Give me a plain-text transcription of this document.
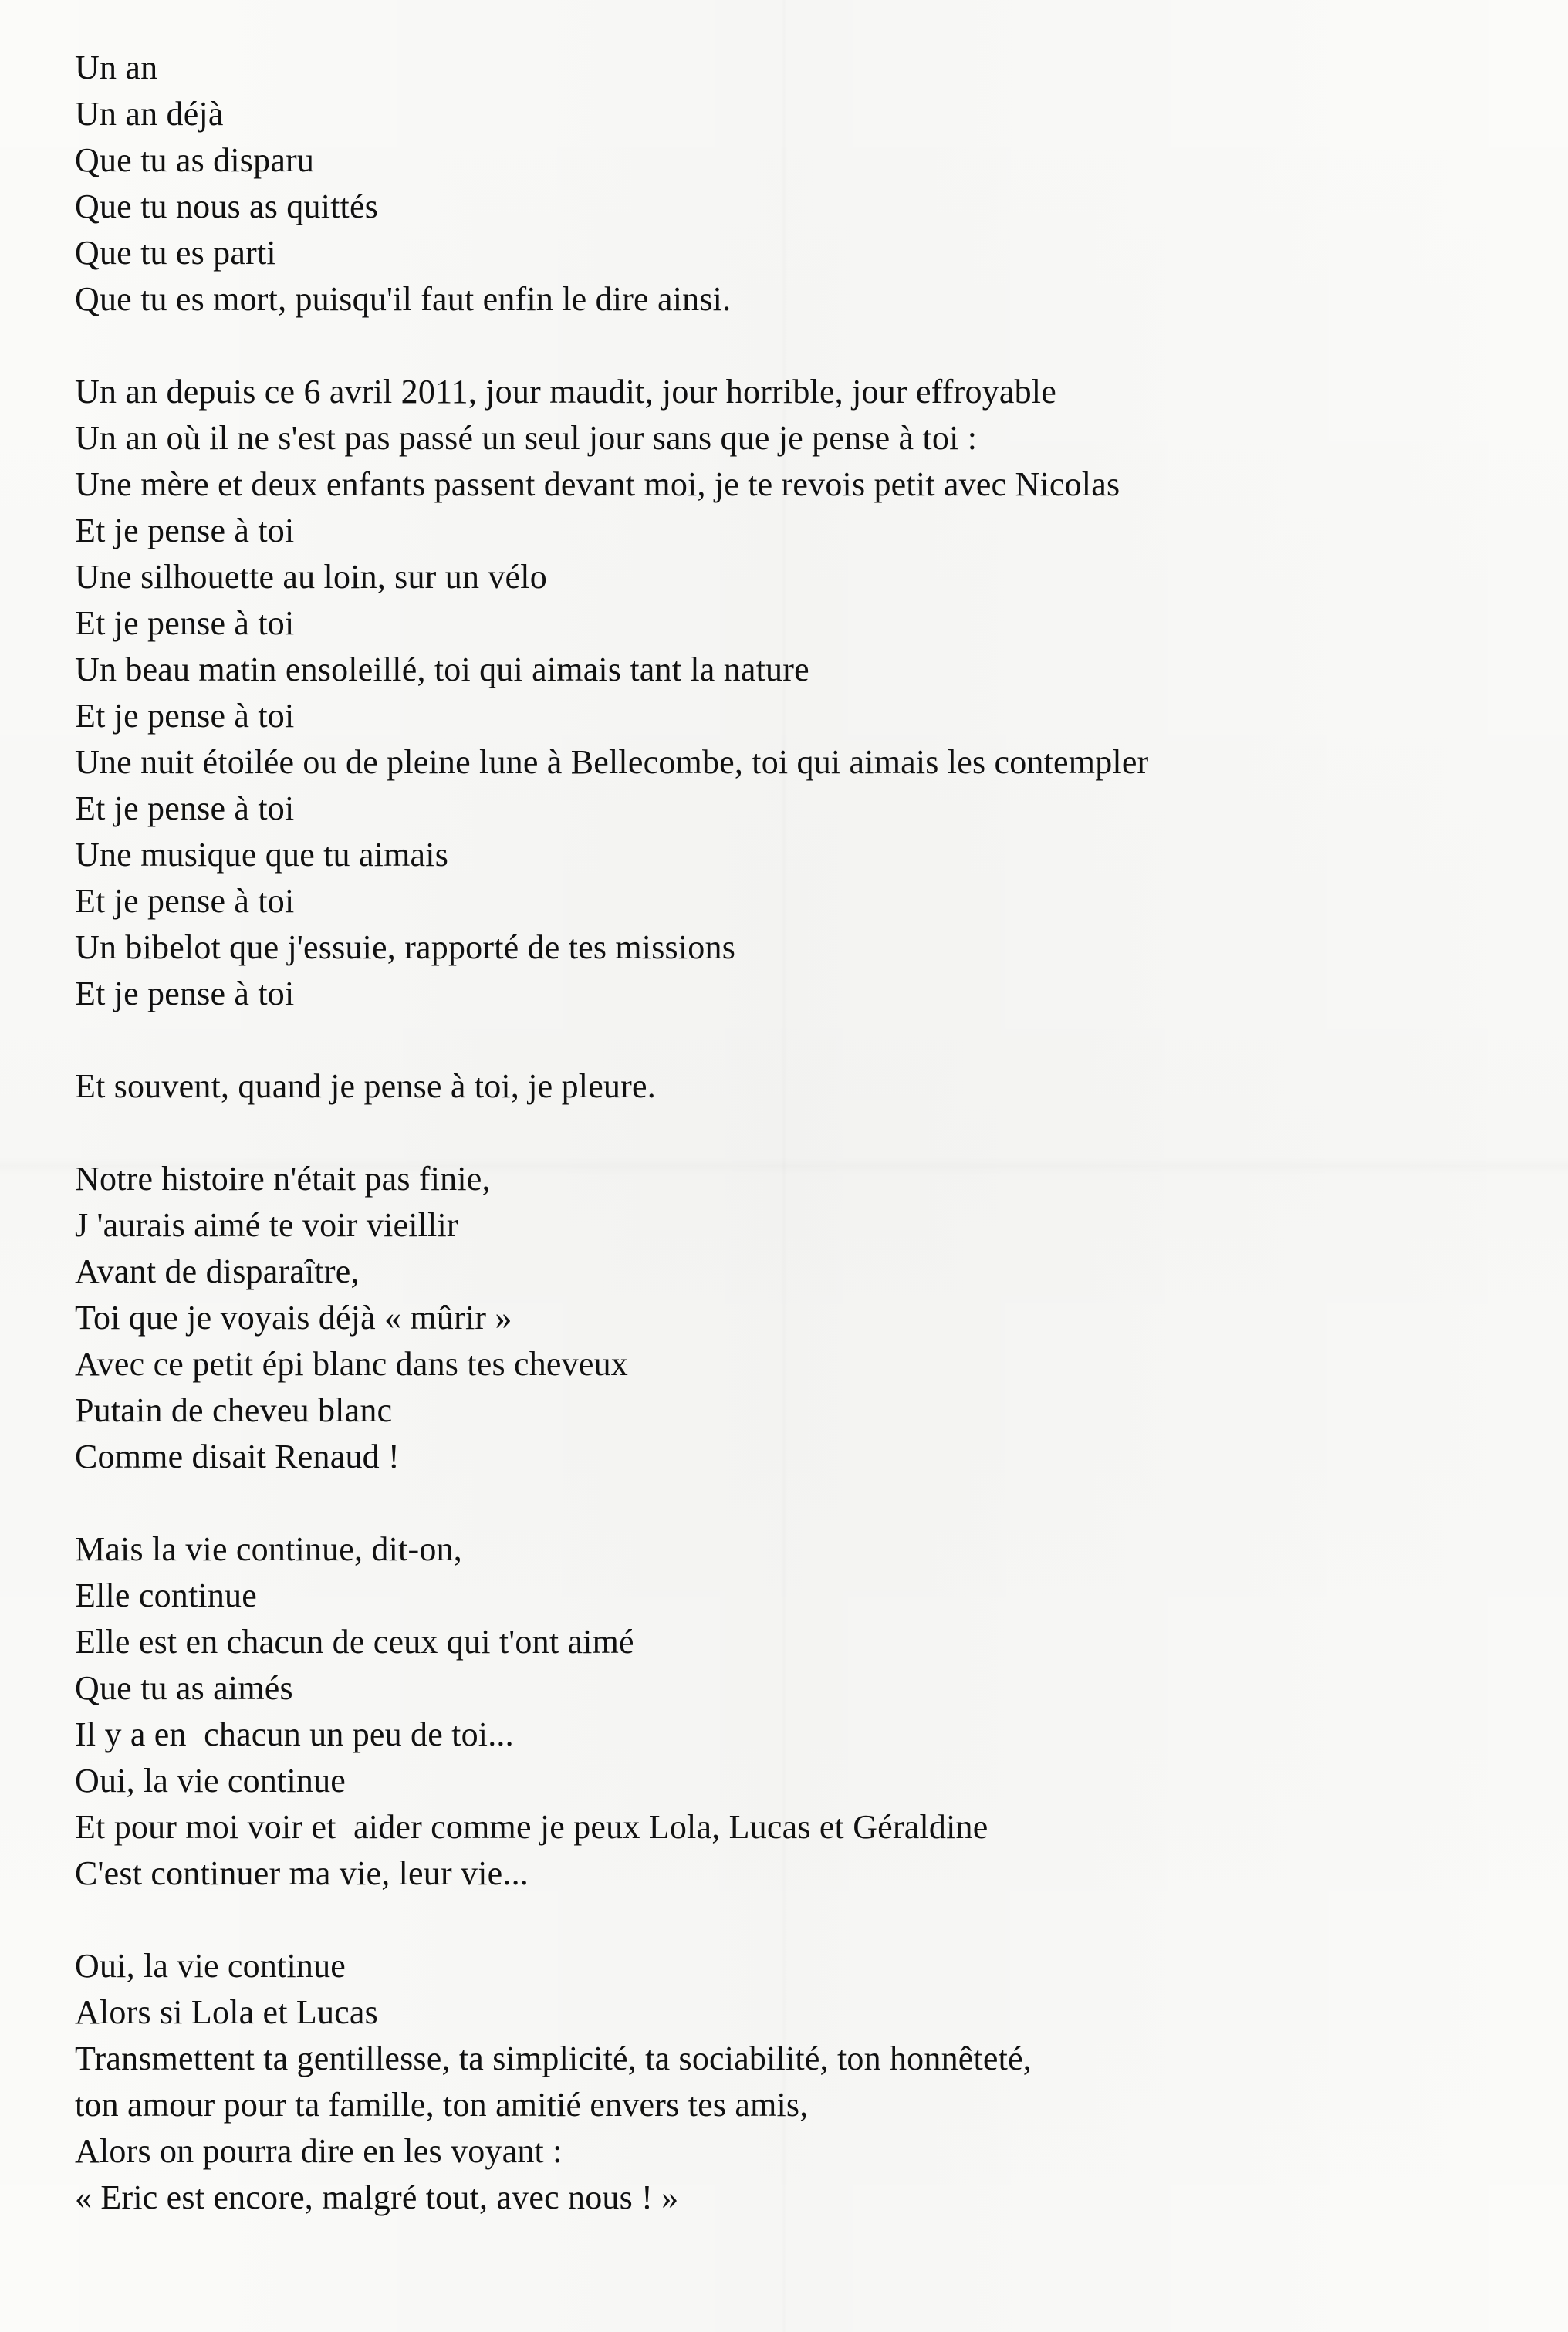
Un an
Un an déjà
Que tu as disparu
Que tu nous as quittés
Que tu es parti
Que tu es mort, puisqu'il faut enfin le dire ainsi.
Un an depuis ce 6 avril 2011, jour maudit, jour horrible, jour effroyable
Un an où il ne s'est pas passé un seul jour sans que je pense à toi :
Une mère et deux enfants passent devant moi, je te revois petit avec Nicolas
Et je pense à toi
Une silhouette au loin, sur un vélo
Et je pense à toi
Un beau matin ensoleillé, toi qui aimais tant la nature
Et je pense à toi
Une nuit étoilée ou de pleine lune à Bellecombe, toi qui aimais les contempler
Et je pense à toi
Une musique que tu aimais
Et je pense à toi
Un bibelot que j'essuie, rapporté de tes missions
Et je pense à toi
Et souvent, quand je pense à toi, je pleure.
Notre histoire n'était pas finie,
J 'aurais aimé te voir vieillir
Avant de disparaître,
Toi que je voyais déjà « mûrir »
Avec ce petit épi blanc dans tes cheveux
Putain de cheveu blanc
Comme disait Renaud !
Mais la vie continue, dit-on,
Elle continue
Elle est en chacun de ceux qui t'ont aimé
Que tu as aimés
Il y a en  chacun un peu de toi...
Oui, la vie continue
Et pour moi voir et  aider comme je peux Lola, Lucas et Géraldine
C'est continuer ma vie, leur vie...
Oui, la vie continue
Alors si Lola et Lucas
Transmettent ta gentillesse, ta simplicité, ta sociabilité, ton honnêteté,
ton amour pour ta famille, ton amitié envers tes amis,
Alors on pourra dire en les voyant :
« Eric est encore, malgré tout, avec nous ! »
